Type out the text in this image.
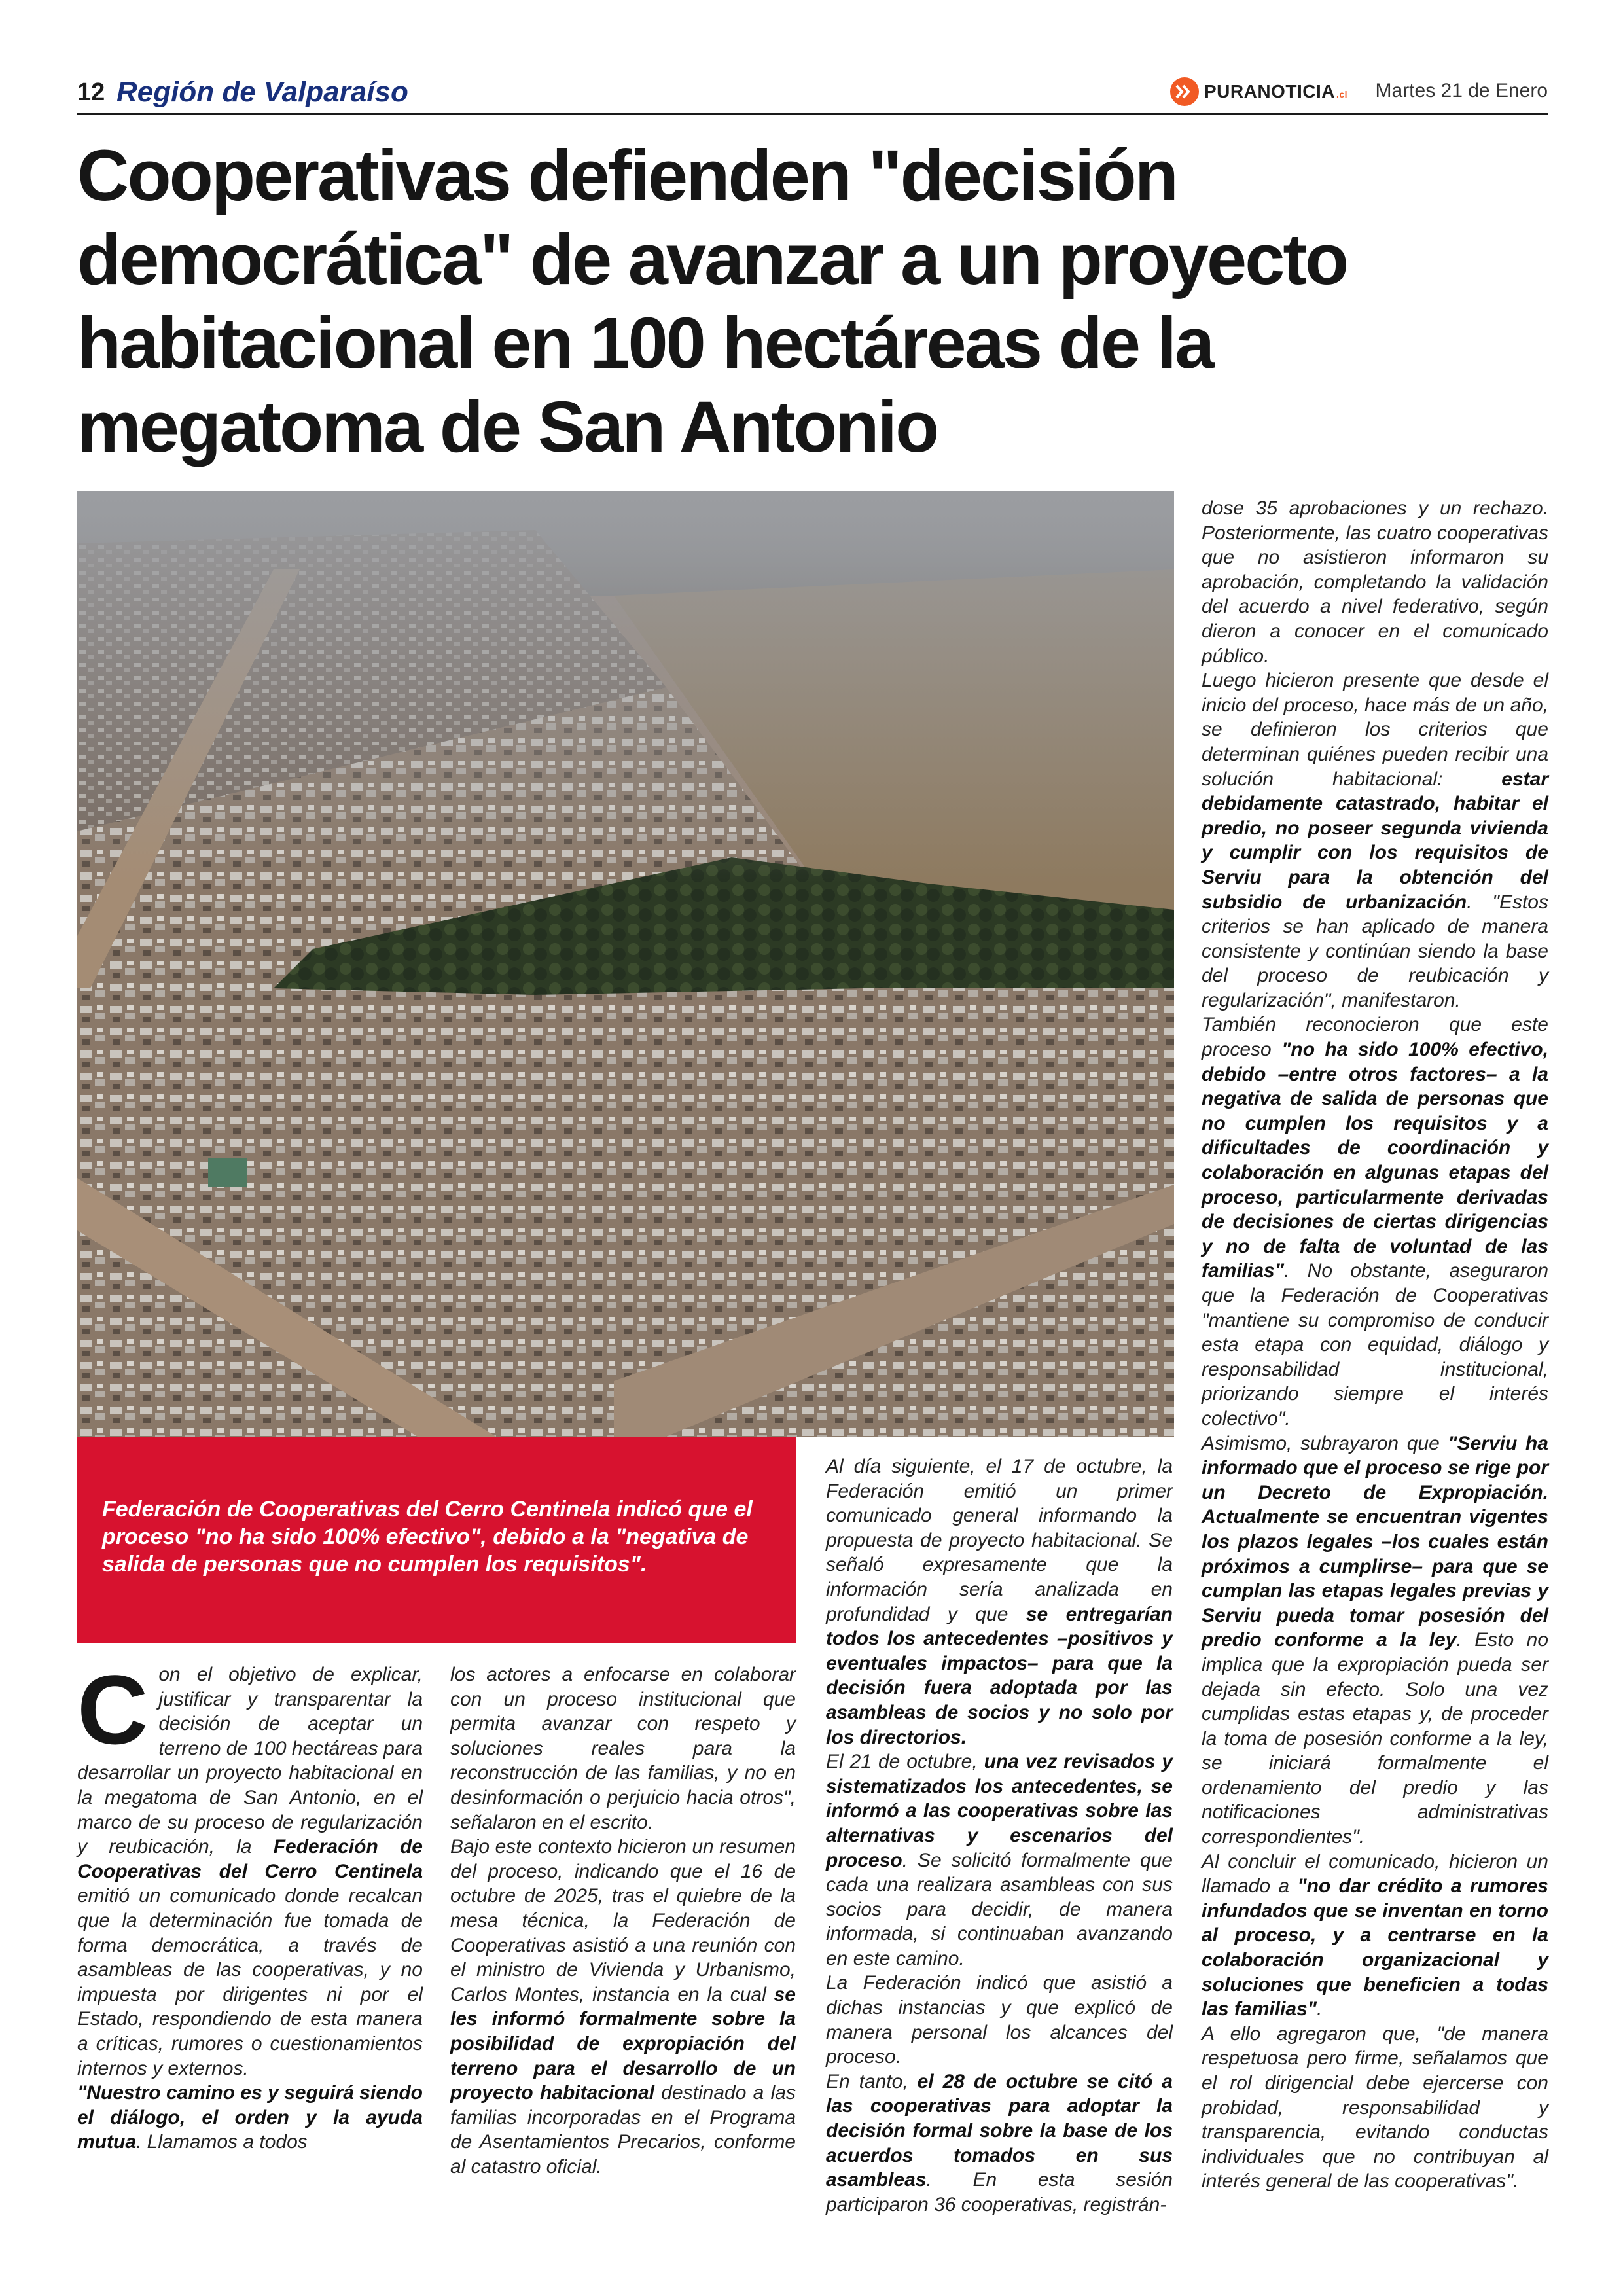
12 Región de Valparaíso	PURANOTICIA .cl Martes 21 de Enero
Cooperativas defienden "decisión democrática" de avanzar a un proyecto habitacional en 100 hectáreas de la megatoma de San Antonio

Federación de Cooperativas del Cerro Centinela indicó que el proceso "no ha sido 100% efectivo", debido a la "negativa de salida de personas que no cumplen los requisitos".

Con el objetivo de explicar, justificar y transparentar la decisión de aceptar un terreno de 100 hectáreas para desarrollar un proyecto habitacional en la megatoma de San Antonio, en el marco de su proceso de regularización y reubicación, la Federación de Cooperativas del Cerro Centinela emitió un comunicado donde recalcan que la determinación fue tomada de forma democrática, a través de asambleas de las cooperativas, y no impuesta por dirigentes ni por el Estado, respondiendo de esta manera a críticas, rumores o cuestionamientos internos y externos.

"Nuestro camino es y seguirá siendo el diálogo, el orden y la ayuda mutua. Llamamos a todos

los actores a enfocarse en colaborar con un proceso institucional que permita avanzar con respeto y soluciones reales para la reconstrucción de las familias, y no en desinformación o perjuicio hacia otros", señalaron en el escrito.

Bajo este contexto hicieron un resumen del proceso, indicando que el 16 de octubre de 2025, tras el quiebre de la mesa técnica, la Federación de Cooperativas asistió a una reunión con el ministro de Vivienda y Urbanismo, Carlos Montes, instancia en la cual se les informó formalmente sobre la posibilidad de expropiación del terreno para el desarrollo de un proyecto habitacional destinado a las familias incorporadas en el Programa de Asentamientos Precarios, conforme al catastro oficial.

Al día siguiente, el 17 de octubre, la Federación emitió un primer comunicado general informando la propuesta de proyecto habitacional. Se señaló expresamente que la información sería analizada en profundidad y que se entregarían todos los antecedentes –positivos y eventuales impactos– para que la decisión fuera adoptada por las asambleas de socios y no solo por los directorios.

El 21 de octubre, una vez revisados y sistematizados los antecedentes, se informó a las cooperativas sobre las alternativas y escenarios del proceso. Se solicitó formalmente que cada una realizara asambleas con sus socios para decidir, de manera informada, si continuaban avanzando en este camino.

La Federación indicó que asistió a dichas instancias y que explicó de manera personal los alcances del proceso.

En tanto, el 28 de octubre se citó a las cooperativas para adoptar la decisión formal sobre la base de los acuerdos tomados en sus asambleas. En esta sesión participaron 36 cooperativas, registrán-

dose 35 aprobaciones y un rechazo. Posteriormente, las cuatro cooperativas que no asistieron informaron su aprobación, completando la validación del acuerdo a nivel federativo, según dieron a conocer en el comunicado público.

Luego hicieron presente que desde el inicio del proceso, hace más de un año, se definieron los criterios que determinan quiénes pueden recibir una solución habitacional: estar debidamente catastrado, habitar el predio, no poseer segunda vivienda y cumplir con los requisitos de Serviu para la obtención del subsidio de urbanización. "Estos criterios se han aplicado de manera consistente y continúan siendo la base del proceso de reubicación y regularización", manifestaron.

También reconocieron que este proceso "no ha sido 100% efectivo, debido –entre otros factores– a la negativa de salida de personas que no cumplen los requisitos y a dificultades de coordinación y colaboración en algunas etapas del proceso, particularmente derivadas de decisiones de ciertas dirigencias y no de falta de voluntad de las familias". No obstante, aseguraron que la Federación de Cooperativas "mantiene su compromiso de conducir esta etapa con equidad, diálogo y responsabilidad institucional, priorizando siempre el interés colectivo".

Asimismo, subrayaron que "Serviu ha informado que el proceso se rige por un Decreto de Expropiación. Actualmente se encuentran vigentes los plazos legales –los cuales están próximos a cumplirse– para que se cumplan las etapas legales previas y Serviu pueda tomar posesión del predio conforme a la ley. Esto no implica que la expropiación pueda ser dejada sin efecto. Solo una vez cumplidas estas etapas y, de proceder la toma de posesión conforme a la ley, se iniciará formalmente el ordenamiento del predio y las notificaciones administrativas correspondientes".

Al concluir el comunicado, hicieron un llamado a "no dar crédito a rumores infundados que se inventan en torno al proceso, y a centrarse en la colaboración organizacional y soluciones que beneficien a todas las familias".

A ello agregaron que, "de manera respetuosa pero firme, señalamos que el rol dirigencial debe ejercerse con probidad, responsabilidad y transparencia, evitando conductas individuales que no contribuyan al interés general de las cooperativas".
